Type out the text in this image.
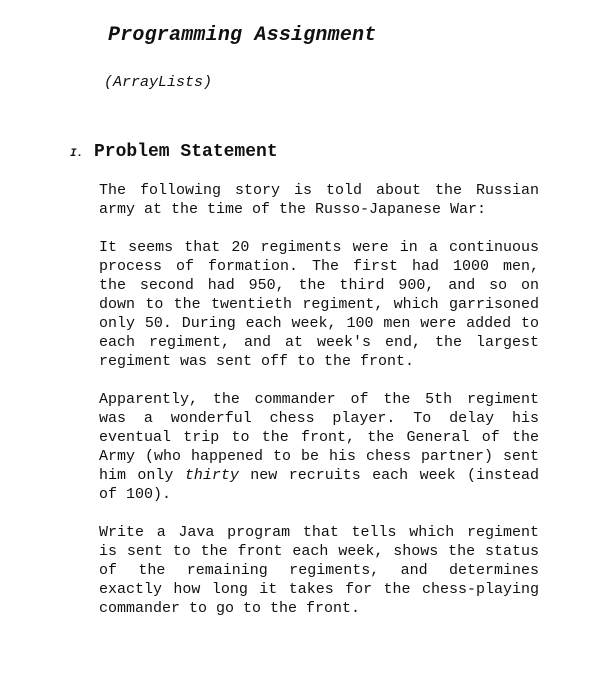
Programming Assignment

(ArrayLists)

I. Problem Statement

The following story is told about the Russian army at the time of the Russo-Japanese War:

It seems that 20 regiments were in a continuous process of formation. The first had 1000 men, the second had 950, the third 900, and so on down to the twentieth regiment, which garrisoned only 50. During each week, 100 men were added to each regiment, and at week's end, the largest regiment was sent off to the front.

Apparently, the commander of the 5th regiment was a wonderful chess player. To delay his eventual trip to the front, the General of the Army (who happened to be his chess partner) sent him only thirty new recruits each week (instead of 100).

Write a Java program that tells which regiment is sent to the front each week, shows the status of the remaining regiments, and determines exactly how long it takes for the chess-playing commander to go to the front.
